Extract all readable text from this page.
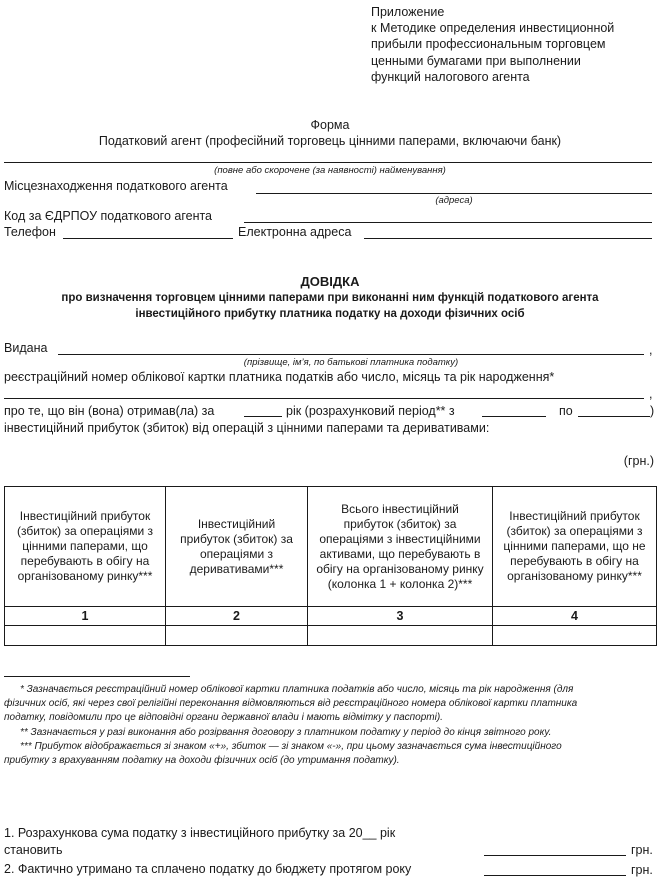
Приложение
к Методике определения инвестиционной
прибыли профессиональным торговцем
ценными бумагами при выполнении
функций налогового агента
Форма
Податковий агент (професійний торговець цінними паперами, включаючи банк)
(повне або скорочене (за наявності) найменування)
Місцезнаходження податкового агента
(адреса)
Код за ЄДРПОУ податкового агента
Телефон	Електронна адреса
ДОВІДКА
про визначення торговцем цінними паперами при виконанні ним функцій податкового агента
інвестиційного прибутку платника податку на доходи фізичних осіб
Видана	,
(прізвище, ім’я, по батькові платника податку)
реєстраційний номер облікової картки платника податків або число, місяць та рік народження*
,
про те, що він (вона) отримав(ла) за	рік (розрахунковий період** з	по	)
інвестиційний прибуток (збиток) від операцій з цінними паперами та деривативами:
(грн.)
Інвестиційний прибуток (збиток) за операціями з цінними паперами, що перебувають в обігу на організованому ринку***	Інвестиційний прибуток (збиток) за операціями з деривативами***	Всього інвестиційний прибуток (збиток) за операціями з інвестиційними активами, що перебувають в обігу на організованому ринку (колонка 1 + колонка 2)***	Інвестиційний прибуток (збиток) за операціями з цінними паперами, що не перебувають в обігу на організованому ринку***

1	2	3	4

* Зазначається реєстраційний номер облікової картки платника податків або число, місяць та рік народження (для
фізичних осіб, які через свої релігійні переконання відмовляються від реєстраційного номера облікової картки платника
податку, повідомили про це відповідні органи державної влади і мають відмітку у паспорті).
** Зазначається у разі виконання або розірвання договору з платником податку у період до кінця звітного року.
*** Прибуток відображається зі знаком «+», збиток — зі знаком «-», при цьому зазначається сума інвестиційного
прибутку з врахуванням податку на доходи фізичних осіб (до утримання податку).
1. Розрахункова сума податку з інвестиційного прибутку за 20__ рік
становить	грн.
2. Фактично утримано та сплачено податку до бюджету протягом року	грн.
